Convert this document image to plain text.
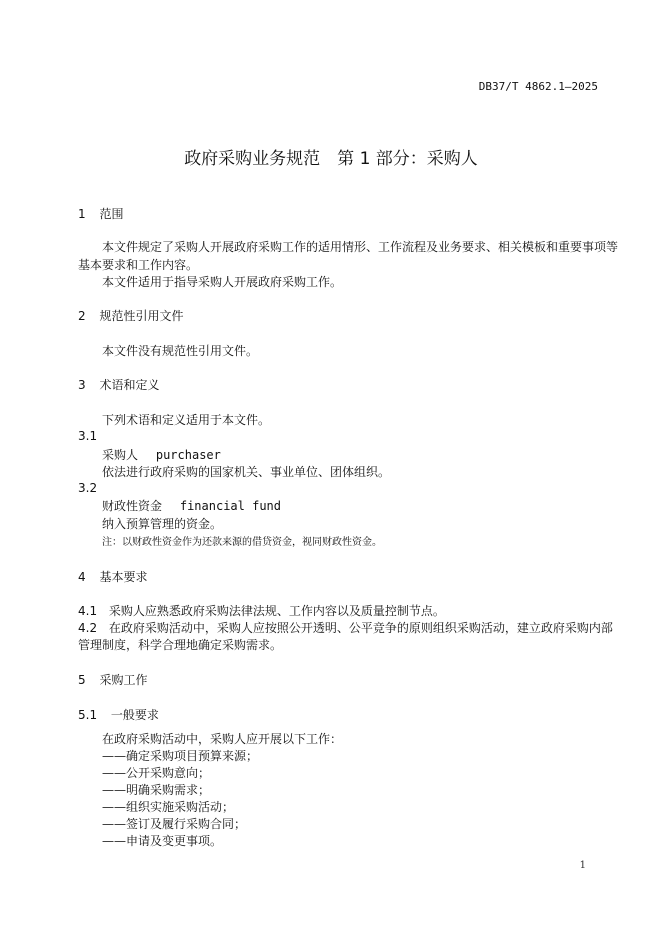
DB37/T 4862.1—2025
政府采购业务规范　第 1 部分：采购人
1 范围
本文件规定了采购人开展政府采购工作的适用情形、工作流程及业务要求、相关模板和重要事项等
基本要求和工作内容。
本文件适用于指导采购人开展政府采购工作。
2 规范性引用文件
本文件没有规范性引用文件。
3 术语和定义
下列术语和定义适用于本文件。
3.1
采购人 purchaser
依法进行政府采购的国家机关、事业单位、团体组织。
3.2
财政性资金 financial fund
纳入预算管理的资金。
注：以财政性资金作为还款来源的借贷资金，视同财政性资金。
4 基本要求
4.1 采购人应熟悉政府采购法律法规、工作内容以及质量控制节点。
4.2 在政府采购活动中，采购人应按照公开透明、公平竞争的原则组织采购活动，建立政府采购内部
管理制度，科学合理地确定采购需求。
5 采购工作
5.1 一般要求
在政府采购活动中，采购人应开展以下工作：
——确定采购项目预算来源；
——公开采购意向；
——明确采购需求；
——组织实施采购活动；
——签订及履行采购合同；
——申请及变更事项。
1
